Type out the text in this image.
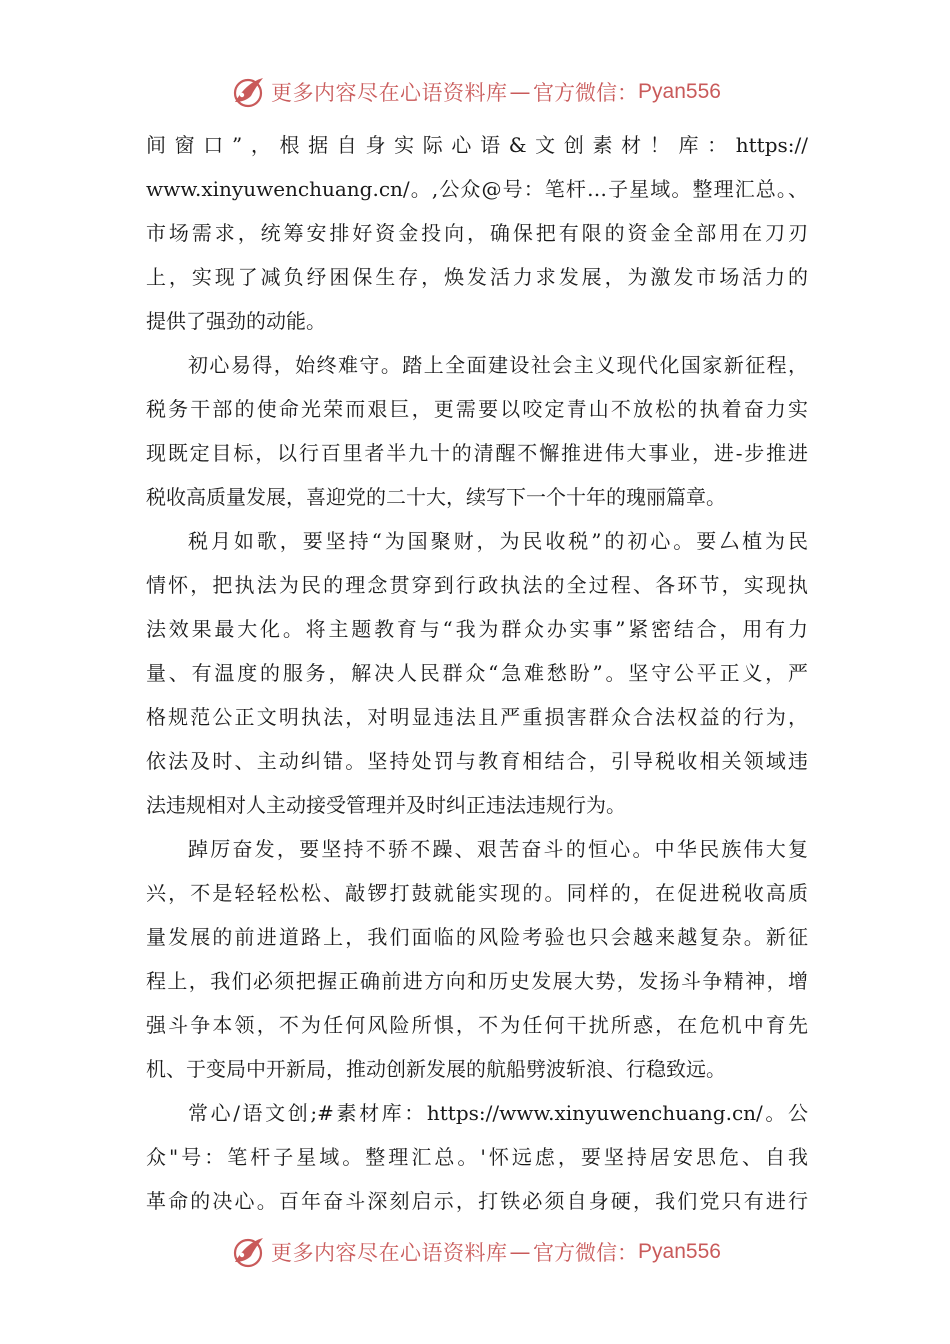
更多内容尽在心语资料库 — 官方微信： Pyan556
间窗口”，根据自身实际心语&文创素材！库：https://
www.xinyuwenchuang.cn/。,公众@号：笔杆…子星域。整理汇总。、
市场需求，统筹安排好资金投向，确保把有限的资金全部用在刀刃
上，实现了减负纾困保生存，焕发活力求发展，为激发市场活力的
提供了强劲的动能。
初心易得，始终难守。踏上全面建设社会主义现代化国家新征程，
税务干部的使命光荣而艰巨，更需要以咬定青山不放松的执着奋力实
现既定目标，以行百里者半九十的清醒不懈推进伟大事业，进-步推进
税收高质量发展，喜迎党的二十大，续写下一个十年的瑰丽篇章。
税月如歌，要坚持“为国聚财，为民收税”的初心。要厶植为民
情怀，把执法为民的理念贯穿到行政执法的全过程、各环节，实现执
法效果最大化。将主题教育与“我为群众办实事”紧密结合，用有力
量、有温度的服务，解决人民群众“急难愁盼”。坚守公平正义，严
格规范公正文明执法，对明显违法且严重损害群众合法权益的行为，
依法及时、主动纠错。坚持处罚与教育相结合，引导税收相关领域违
法违规相对人主动接受管理并及时纠正违法违规行为。
踔厉奋发，要坚持不骄不躁、艰苦奋斗的恒心。中华民族伟大复
兴，不是轻轻松松、敲锣打鼓就能实现的。同样的，在促进税收高质
量发展的前进道路上，我们面临的风险考验也只会越来越复杂。新征
程上，我们必须把握正确前进方向和历史发展大势，发扬斗争精神，增
强斗争本领，不为任何风险所惧，不为任何干扰所惑，在危机中育先
机、于变局中开新局，推动创新发展的航船劈波斩浪、行稳致远。
常心/语文创;#素材库：https://www.xinyuwenchuang.cn/。公
众"号：笔杆子星域。整理汇总。'怀远虑，要坚持居安思危、自我
革命的决心。百年奋斗深刻启示，打铁必须自身硬，我们党只有进行
更多内容尽在心语资料库 — 官方微信： Pyan556
